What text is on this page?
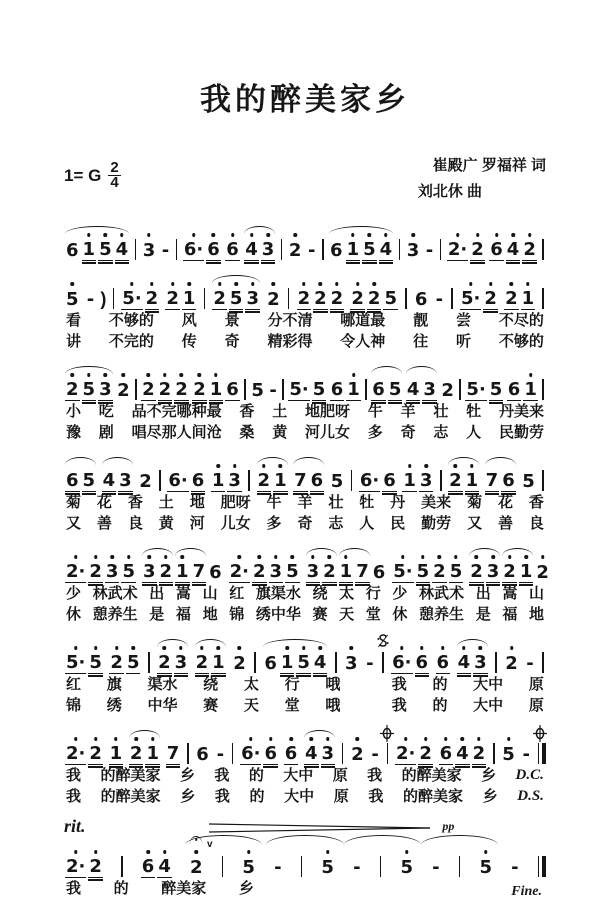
我的醉美家乡
1= G $\frac{2}{4}$	崔殿广 罗福祥 词
刘北休 曲
6 1 5 4 3 - 6· 6 6 4 3 2 - 6 1 5 4 3 - 2· 2 6 4 2
5 - ) 5· 2 2 1 2 5 3 2 2 2 2 2 2 5 6 - 5· 2 2 1
看 不够的 风 景 分不清 哪道最 靓 尝 不尽的
讲 不完的 传 奇 精彩得 令人神 往 听 不够的
2 5 3 2 2 2 2 2 1 6 5 - 5· 5 6 1 6 5 4 3 2 5· 5 6 1
小 吃 品不完哪种最 香 土 地肥呀 牛 羊 壮 牡 丹美来
豫 剧 唱尽那人间沧 桑 黄 河儿女 多 奇 志 人 民勤劳
6 5 4 3 2 6· 6 1 3 2 1 7 6 5 6· 6 1 3 2 1 7 6 5
菊 花 香 土 地 肥呀 牛 羊 壮 牡 丹 美来 菊 花 香
又 善 良 黄 河 儿女 多 奇 志 人 民 勤劳 又 善 良
2· 2 3 5 3 2 1 7 6 2· 2 3 5 3 2 1 7 6 5· 5 2 5 2 3 2 1 2
少 林武术 出 嵩 山 红 旗渠水 绕 太 行 少 林武术 出 嵩 山
休 憩养生 是 福 地 锦 绣中华 赛 天 堂 休 憩养生 是 福 地
5· 5 2 5 2 3 2 1 2 6 1 5 4 3 - 6· 6 6 4 3 2 -
红 旗 渠水 绕 太 行 哦	我 的 大中 原
锦 绣 中华 赛 天 堂 哦	我 的 大中 原
2· 2 1 2 1 7 6 - 6· 6 6 4 3 2 - 2· 2 6 4 2 5 -
我 的醉美家 乡 我 的 大中 原 我 的醉美家 乡 D.C.
我 的醉美家 乡 我 的 大中 原 我 的醉美家 乡 D.S.
rit.
2· 2 6 4 2
v
5 - 5 - 5 - 5 -
pp
我 的 醉美家 乡	Fine.
